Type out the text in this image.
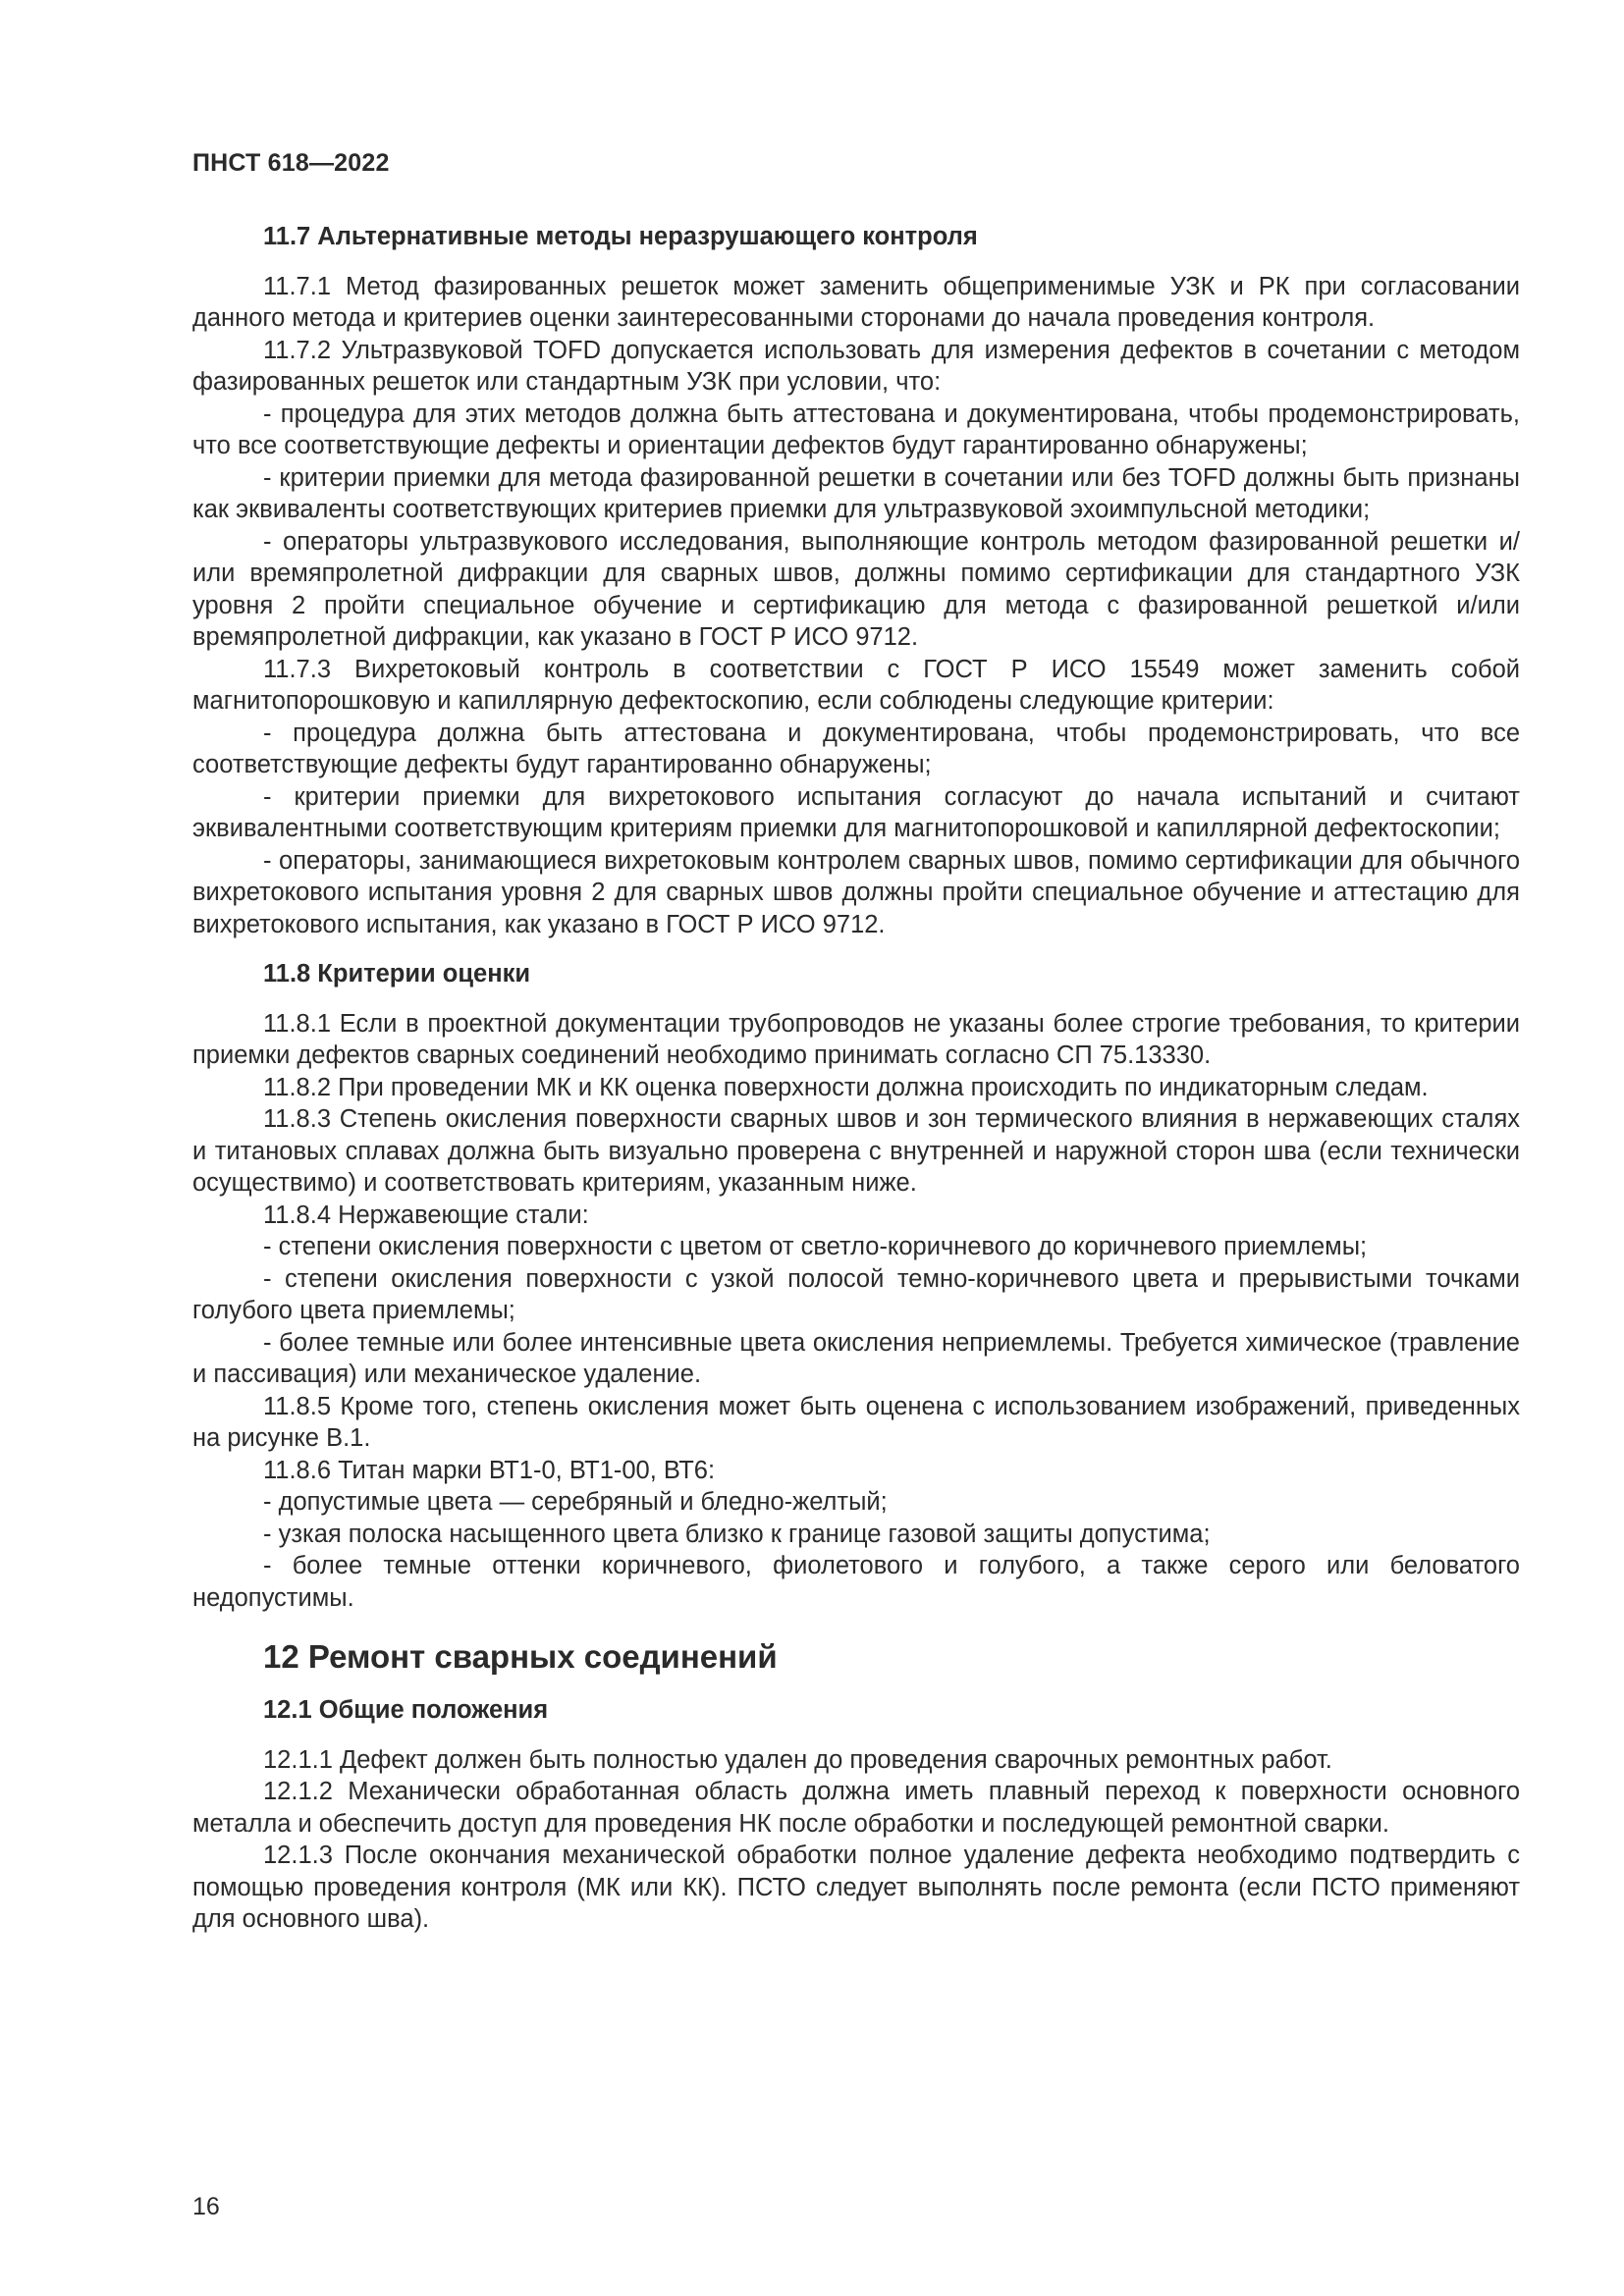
ПНСТ 618—2022
11.7 Альтернативные методы неразрушающего контроля

11.7.1 Метод фазированных решеток может заменить общеприменимые УЗК и РК при согласовании данного метода и критериев оценки заинтересованными сторонами до начала проведения контроля.

11.7.2 Ультразвуковой TOFD допускается использовать для измерения дефектов в сочетании с методом фазированных решеток или стандартным УЗК при условии, что:

- процедура для этих методов должна быть аттестована и документирована, чтобы продемонстрировать, что все соответствующие дефекты и ориентации дефектов будут гарантированно обнаружены;

- критерии приемки для метода фазированной решетки в сочетании или без TOFD должны быть признаны как эквиваленты соответствующих критериев приемки для ультразвуковой эхоимпульсной методики;

- операторы ультразвукового исследования, выполняющие контроль методом фазированной решетки и/или времяпролетной дифракции для сварных швов, должны помимо сертификации для стандартного УЗК уровня 2 пройти специальное обучение и сертификацию для метода с фазированной решеткой и/или времяпролетной дифракции, как указано в ГОСТ Р ИСО 9712.

11.7.3 Вихретоковый контроль в соответствии с ГОСТ Р ИСО 15549 может заменить собой магнитопорошковую и капиллярную дефектоскопию, если соблюдены следующие критерии:

- процедура должна быть аттестована и документирована, чтобы продемонстрировать, что все соответствующие дефекты будут гарантированно обнаружены;

- критерии приемки для вихретокового испытания согласуют до начала испытаний и считают эквивалентными соответствующим критериям приемки для магнитопорошковой и капиллярной дефектоскопии;

- операторы, занимающиеся вихретоковым контролем сварных швов, помимо сертификации для обычного вихретокового испытания уровня 2 для сварных швов должны пройти специальное обучение и аттестацию для вихретокового испытания, как указано в ГОСТ Р ИСО 9712.

11.8 Критерии оценки

11.8.1 Если в проектной документации трубопроводов не указаны более строгие требования, то критерии приемки дефектов сварных соединений необходимо принимать согласно СП 75.13330.

11.8.2 При проведении МК и КК оценка поверхности должна происходить по индикаторным следам.

11.8.3 Степень окисления поверхности сварных швов и зон термического влияния в нержавеющих сталях и титановых сплавах должна быть визуально проверена с внутренней и наружной сторон шва (если технически осуществимо) и соответствовать критериям, указанным ниже.

11.8.4 Нержавеющие стали:

- степени окисления поверхности с цветом от светло-коричневого до коричневого приемлемы;

- степени окисления поверхности с узкой полосой темно-коричневого цвета и прерывистыми точками голубого цвета приемлемы;

- более темные или более интенсивные цвета окисления неприемлемы. Требуется химическое (травление и пассивация) или механическое удаление.

11.8.5 Кроме того, степень окисления может быть оценена с использованием изображений, приведенных на рисунке В.1.

11.8.6 Титан марки ВТ1-0, ВТ1-00, ВТ6:

- допустимые цвета — серебряный и бледно-желтый;

- узкая полоска насыщенного цвета близко к границе газовой защиты допустима;

- более темные оттенки коричневого, фиолетового и голубого, а также серого или беловатого недопустимы.

12 Ремонт сварных соединений
12.1 Общие положения

12.1.1 Дефект должен быть полностью удален до проведения сварочных ремонтных работ.

12.1.2 Механически обработанная область должна иметь плавный переход к поверхности основного металла и обеспечить доступ для проведения НК после обработки и последующей ремонтной сварки.

12.1.3 После окончания механической обработки полное удаление дефекта необходимо подтвердить с помощью проведения контроля (МК или КК). ПСТО следует выполнять после ремонта (если ПСТО применяют для основного шва).

16
